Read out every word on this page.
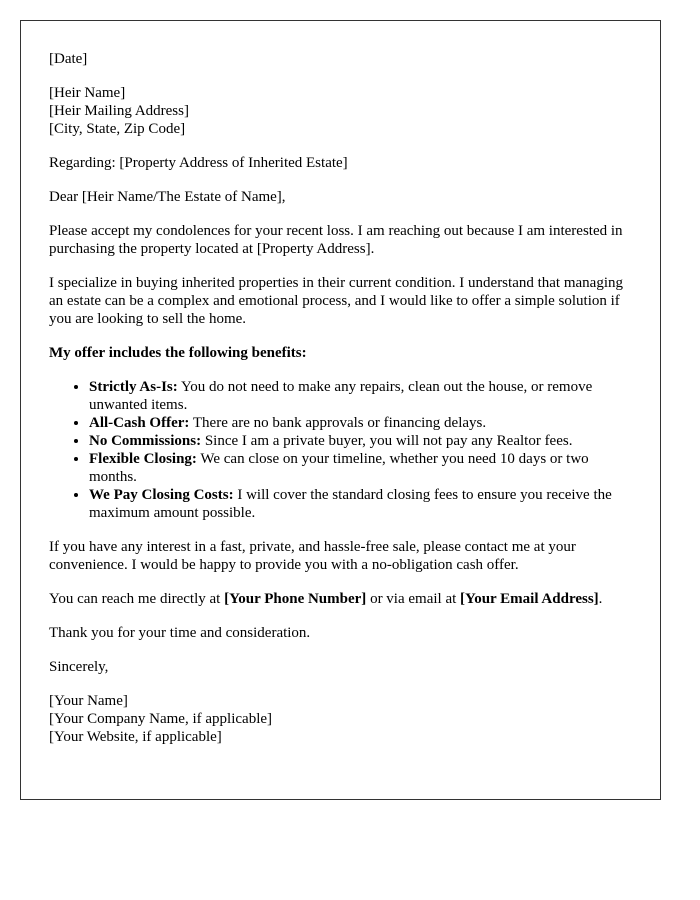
[Date]

[Heir Name]
[Heir Mailing Address]
[City, State, Zip Code]

Regarding: [Property Address of Inherited Estate]

Dear [Heir Name/The Estate of Name],

Please accept my condolences for your recent loss. I am reaching out because I am interested in purchasing the property located at [Property Address].

I specialize in buying inherited properties in their current condition. I understand that managing an estate can be a complex and emotional process, and I would like to offer a simple solution if you are looking to sell the home.

My offer includes the following benefits:

• Strictly As-Is: You do not need to make any repairs, clean out the house, or remove unwanted items.
• All-Cash Offer: There are no bank approvals or financing delays.
• No Commissions: Since I am a private buyer, you will not pay any Realtor fees.
• Flexible Closing: We can close on your timeline, whether you need 10 days or two months.
• We Pay Closing Costs: I will cover the standard closing fees to ensure you receive the maximum amount possible.

If you have any interest in a fast, private, and hassle-free sale, please contact me at your convenience. I would be happy to provide you with a no-obligation cash offer.

You can reach me directly at [Your Phone Number] or via email at [Your Email Address].

Thank you for your time and consideration.

Sincerely,

[Your Name]
[Your Company Name, if applicable]
[Your Website, if applicable]
